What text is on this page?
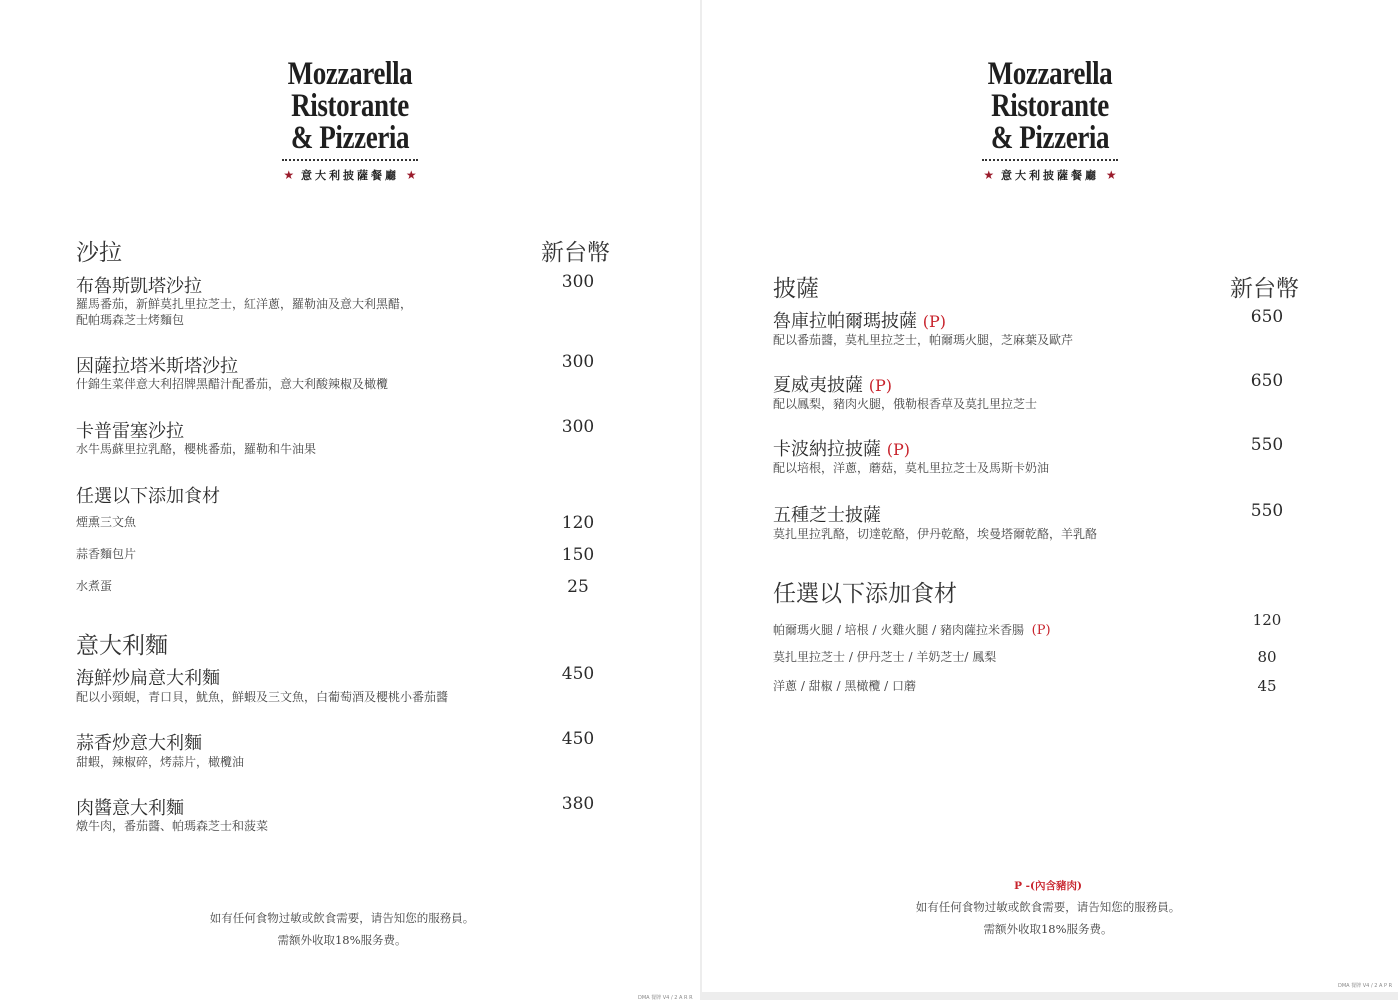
Mozzarella
Ristorante
& Pizzeria
★ 意大利披薩餐廳 ★
沙拉	新台幣
布魯斯凱塔沙拉
羅馬番茄，新鮮莫扎里拉芝士，紅洋蔥，羅勒油及意大利黑醋，
配帕瑪森芝士烤麵包
300
因薩拉塔米斯塔沙拉
什錦生菜伴意大利招牌黑醋汁配番茄，意大利酸辣椒及橄欖
300
卡普雷塞沙拉
水牛馬蘇里拉乳酪，櫻桃番茄，羅勒和牛油果
300
任選以下添加食材
煙熏三文魚	120
蒜香麵包片	150
水煮蛋	25
意大利麵
海鮮炒扁意大利麵
配以小頸蜆，青口貝，魷魚，鮮蝦及三文魚，白葡萄酒及櫻桃小番茄醬
450
蒜香炒意大利麵
甜蝦，辣椒碎，烤蒜片，橄欖油
450
肉醬意大利麵
燉牛肉，番茄醬、帕瑪森芝士和菠菜
380
如有任何食物过敏或飲食需要，请告知您的服務員。
需额外收取18%服务费。
DMA 餐牌 V4 / 2 A R R
Mozzarella
Ristorante
& Pizzeria
★ 意大利披薩餐廳 ★
披薩	新台幣
魯庫拉帕爾瑪披薩 (P)
配以番茄醬，莫札里拉芝士，帕爾瑪火腿，芝麻葉及歐芹
650
夏威夷披薩 (P)
配以鳳梨，豬肉火腿，俄勒根香草及莫扎里拉芝士
650
卡波納拉披薩 (P)
配以培根，洋蔥，蘑菇，莫札里拉芝士及馬斯卡奶油
550
五種芝士披薩
莫扎里拉乳酪，切達乾酪，伊丹乾酪，埃曼塔爾乾酪，羊乳酪
550
任選以下添加食材
帕爾瑪火腿 / 培根 / 火雞火腿 / 豬肉薩拉米香腸 (P)
120
莫扎里拉芝士 / 伊丹芝士 / 羊奶芝士/ 鳳梨	80
洋蔥 / 甜椒 / 黑橄欖 / 口蘑	45
P -(內含豬肉)
如有任何食物过敏或飲食需要，请告知您的服務員。
需额外收取18%服务费。
DMA 餐牌 V4 / 2 A P R
